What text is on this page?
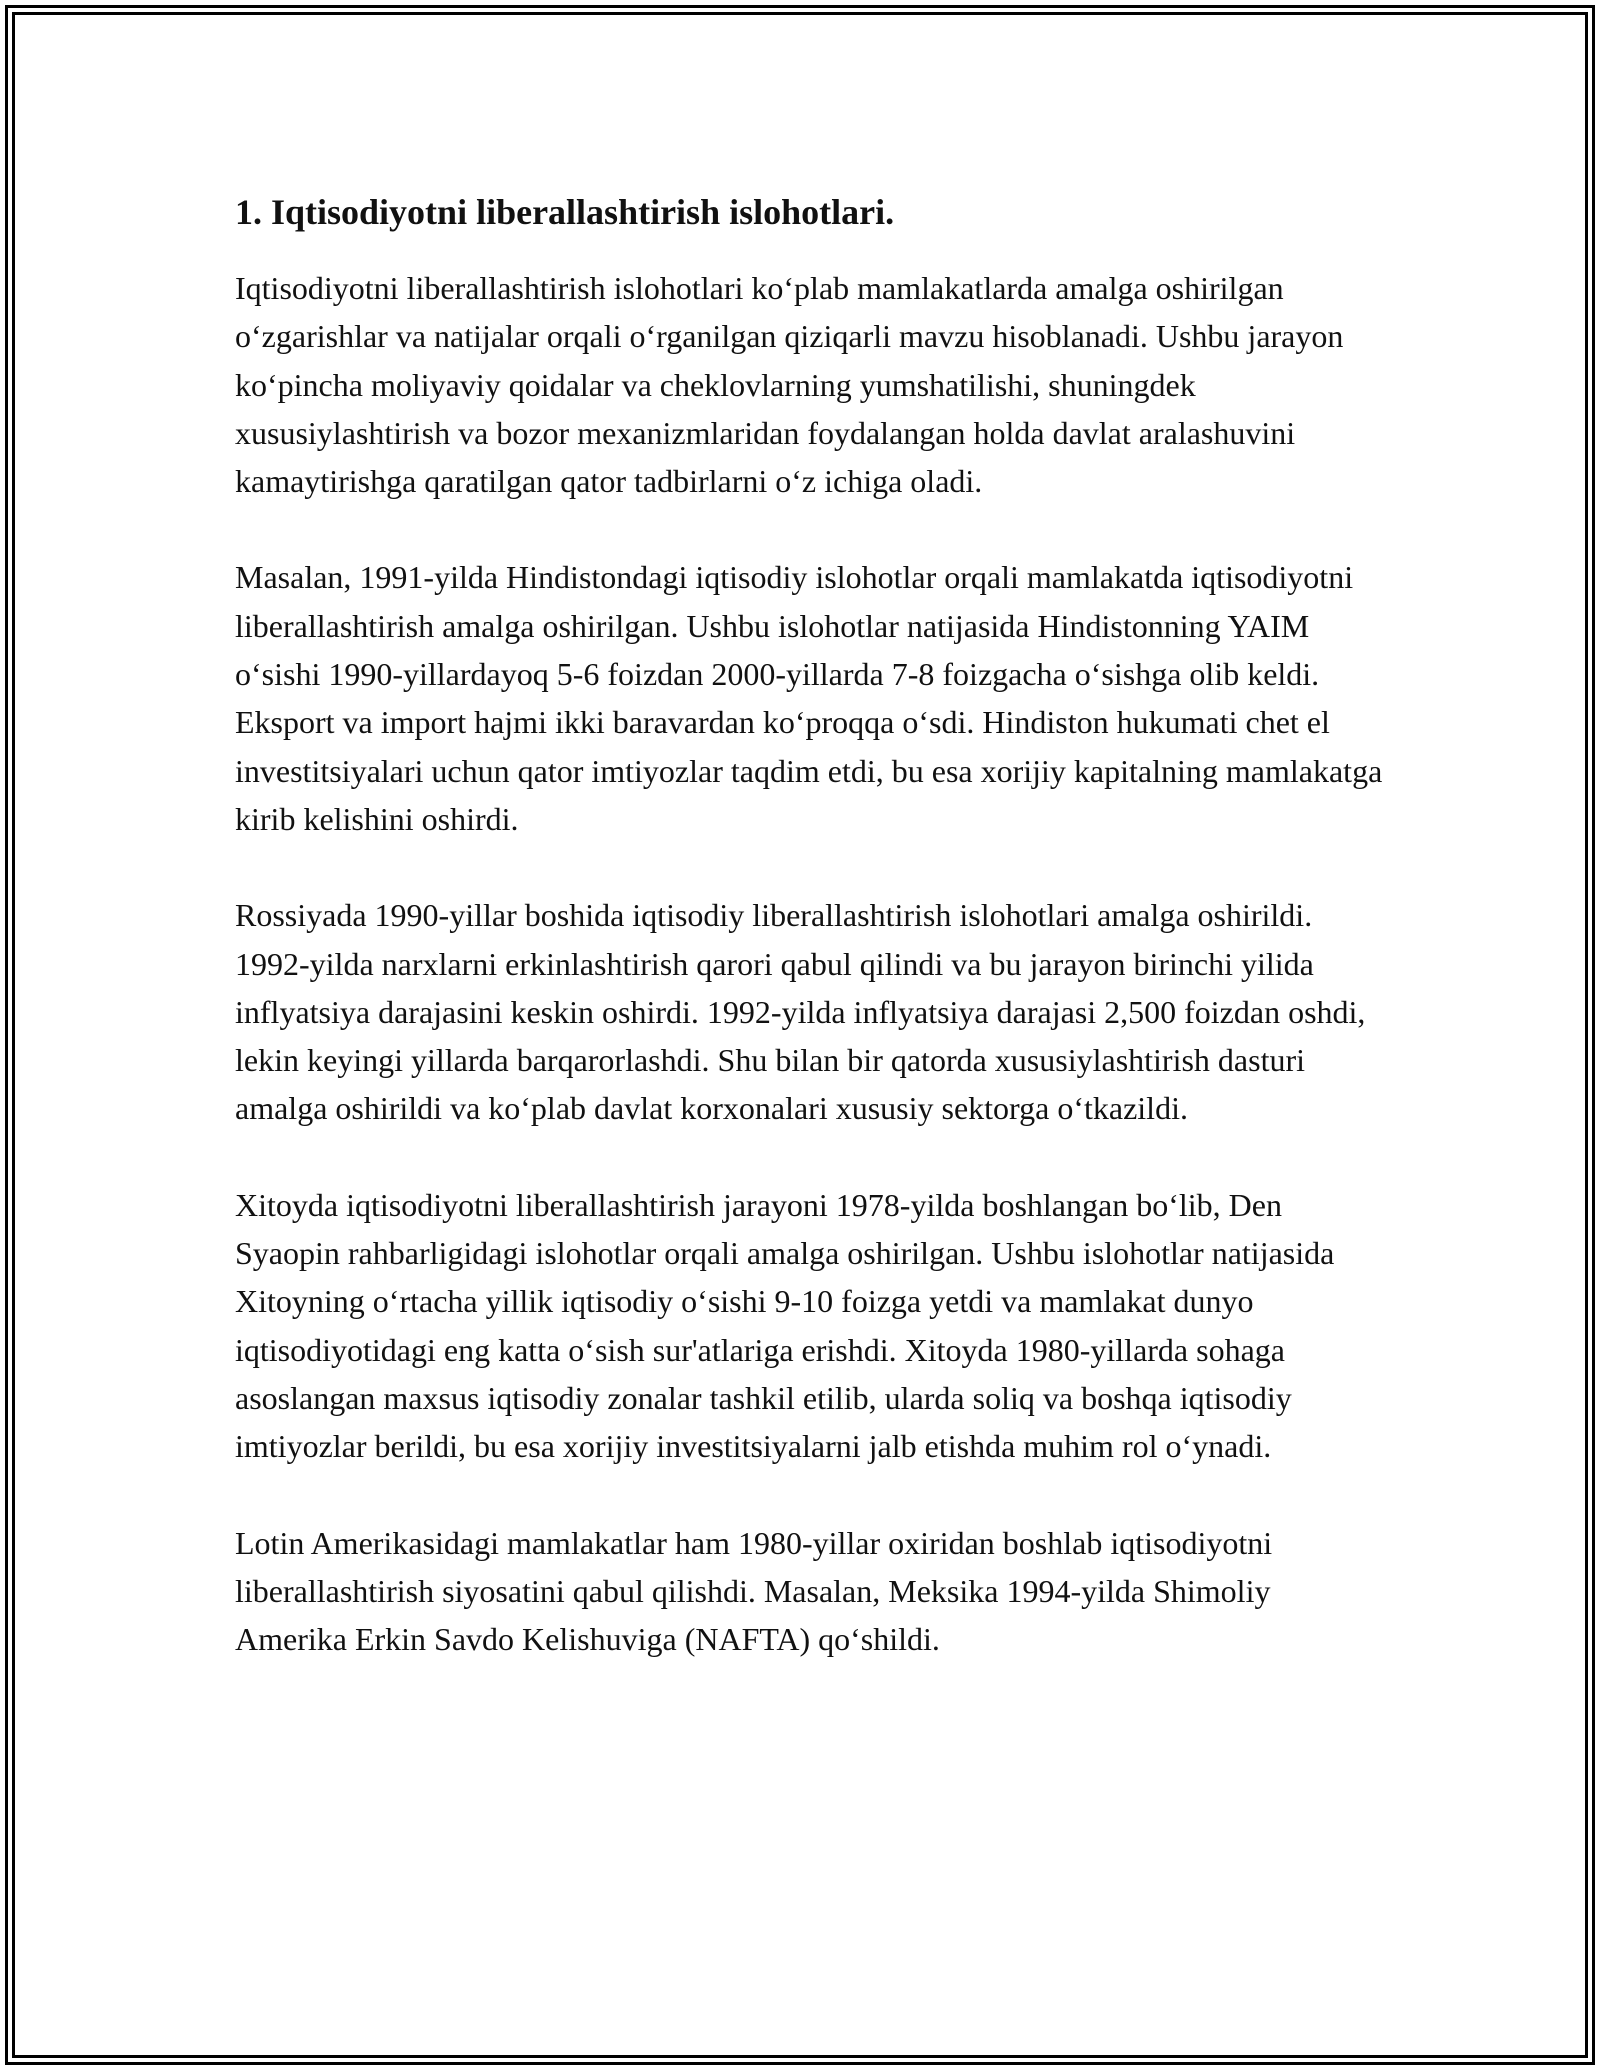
1. Iqtisodiyotni liberallashtirish islohotlari.

Iqtisodiyotni liberallashtirish islohotlari ko‘plab mamlakatlarda amalga oshirilgan o‘zgarishlar va natijalar orqali o‘rganilgan qiziqarli mavzu hisoblanadi. Ushbu jarayon ko‘pincha moliyaviy qoidalar va cheklovlarning yumshatilishi, shuningdek xususiylashtirish va bozor mexanizmlaridan foydalangan holda davlat aralashuvini kamaytirishga qaratilgan qator tadbirlarni o‘z ichiga oladi.

Masalan, 1991-yilda Hindistondagi iqtisodiy islohotlar orqali mamlakatda iqtisodiyotni liberallashtirish amalga oshirilgan. Ushbu islohotlar natijasida Hindistonning YAIM o‘sishi 1990-yillardayoq 5-6 foizdan 2000-yillarda 7-8 foizgacha o‘sishga olib keldi. Eksport va import hajmi ikki baravardan ko‘proqqa o‘sdi. Hindiston hukumati chet el investitsiyalari uchun qator imtiyozlar taqdim etdi, bu esa xorijiy kapitalning mamlakatga kirib kelishini oshirdi.

Rossiyada 1990-yillar boshida iqtisodiy liberallashtirish islohotlari amalga oshirildi. 1992-yilda narxlarni erkinlashtirish qarori qabul qilindi va bu jarayon birinchi yilida inflyatsiya darajasini keskin oshirdi. 1992-yilda inflyatsiya darajasi 2,500 foizdan oshdi, lekin keyingi yillarda barqarorlashdi. Shu bilan bir qatorda xususiylashtirish dasturi amalga oshirildi va ko‘plab davlat korxonalari xususiy sektorga o‘tkazildi.

Xitoyda iqtisodiyotni liberallashtirish jarayoni 1978-yilda boshlangan bo‘lib, Den Syaopin rahbarligidagi islohotlar orqali amalga oshirilgan. Ushbu islohotlar natijasida Xitoyning o‘rtacha yillik iqtisodiy o‘sishi 9-10 foizga yetdi va mamlakat dunyo iqtisodiyotidagi eng katta o‘sish sur'atlariga erishdi. Xitoyda 1980-yillarda sohaga asoslangan maxsus iqtisodiy zonalar tashkil etilib, ularda soliq va boshqa iqtisodiy imtiyozlar berildi, bu esa xorijiy investitsiyalarni jalb etishda muhim rol o‘ynadi.

Lotin Amerikasidagi mamlakatlar ham 1980-yillar oxiridan boshlab iqtisodiyotni liberallashtirish siyosatini qabul qilishdi. Masalan, Meksika 1994-yilda Shimoliy Amerika Erkin Savdo Kelishuviga (NAFTA) qo‘shildi.
